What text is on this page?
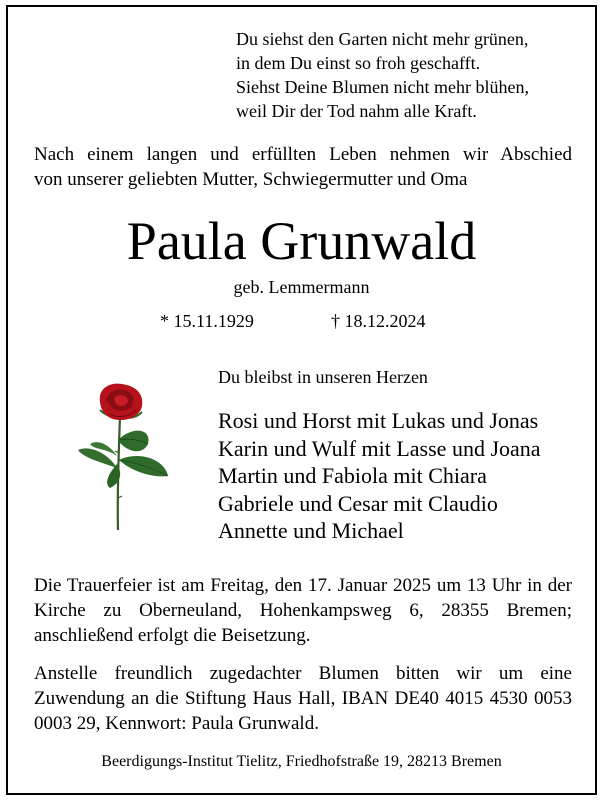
Du siehst den Garten nicht mehr grünen,
in dem Du einst so froh geschafft.
Siehst Deine Blumen nicht mehr blühen,
weil Dir der Tod nahm alle Kraft.
Nach einem langen und erfüllten Leben nehmen wir Abschied
von unserer geliebten Mutter, Schwiegermutter und Oma
Paula Grunwald
geb. Lemmermann
* 15.11.1929	† 18.12.2024
Du bleibst in unseren Herzen
Rosi und Horst mit Lukas und Jonas
Karin und Wulf mit Lasse und Joana
Martin und Fabiola mit Chiara
Gabriele und Cesar mit Claudio
Annette und Michael
Die Trauerfeier ist am Freitag, den 17. Januar 2025 um 13 Uhr in der Kirche zu Oberneuland, Hohenkampsweg 6, 28355 Bremen; anschließend erfolgt die Beisetzung.
Anstelle freundlich zugedachter Blumen bitten wir um eine Zuwendung an die Stiftung Haus Hall, IBAN DE40 4015 4530 0053 0003 29, Kennwort: Paula Grunwald.
Beerdigungs-Institut Tielitz, Friedhofstraße 19, 28213 Bremen
